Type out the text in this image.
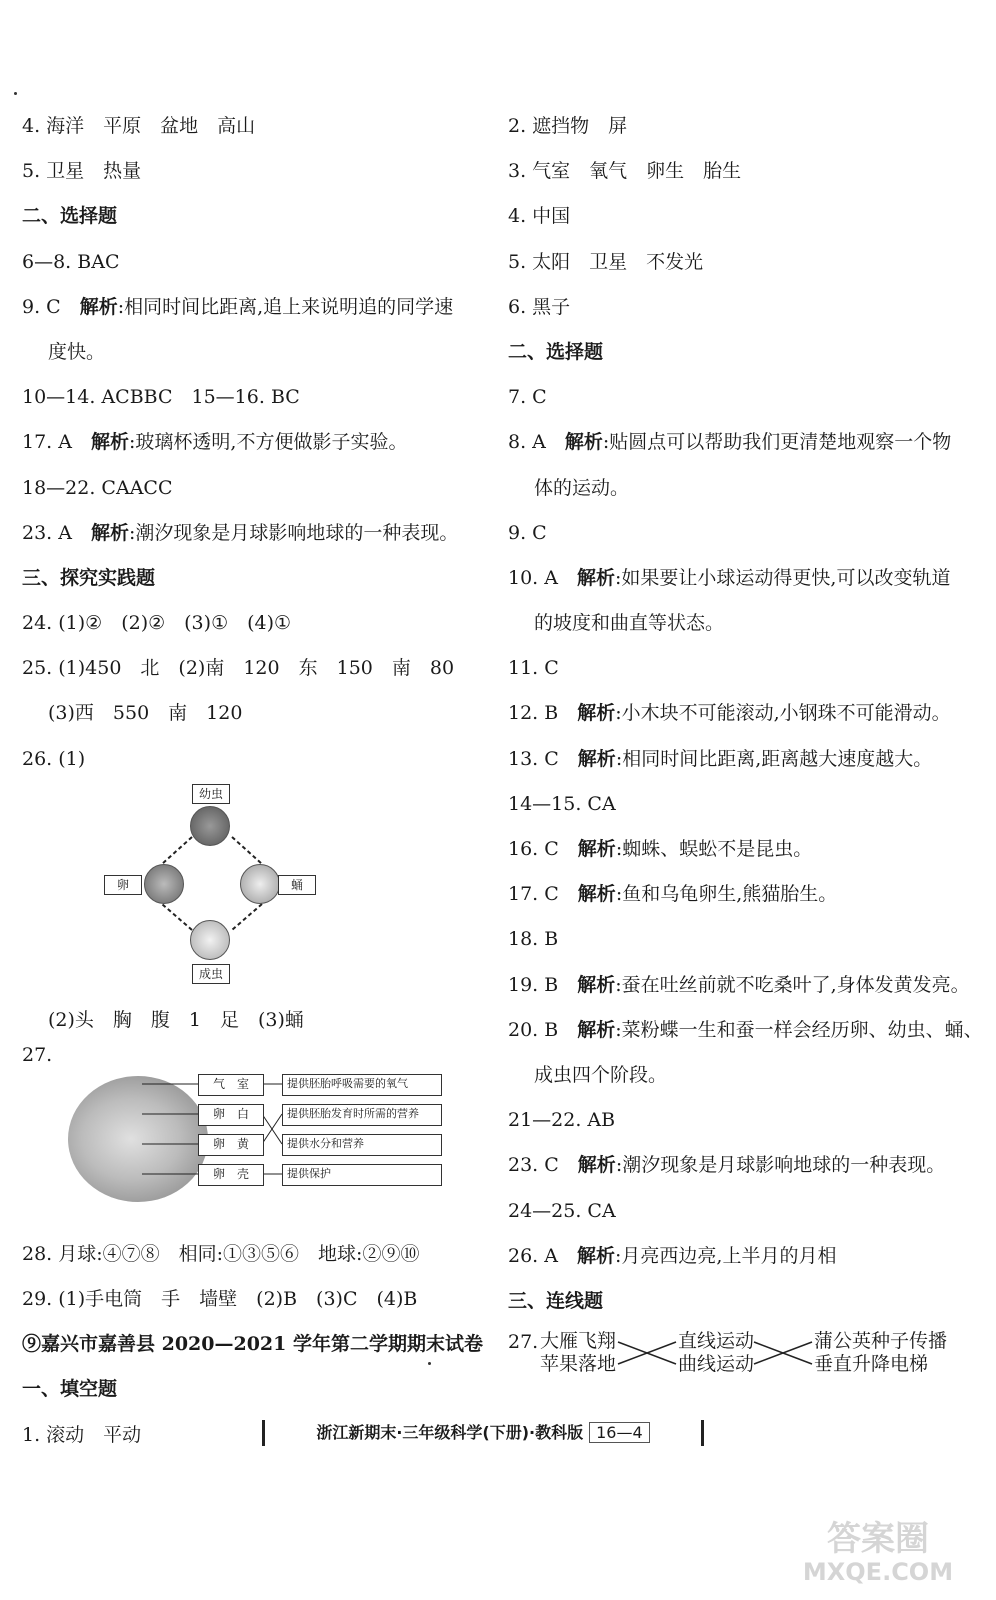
4. 海洋　平原　盆地　高山
5. 卫星　热量
二、选择题
6—8. BAC
9. C　解析:相同时间比距离,追上来说明追的同学速
度快。
10—14. ACBBC　15—16. BC
17. A　解析:玻璃杯透明,不方便做影子实验。
18—22. CAACC
23. A　解析:潮汐现象是月球影响地球的一种表现。
三、探究实践题
24. (1)②　(2)②　(3)①　(4)①
25. (1)450　北　(2)南　120　东　150　南　80
(3)西　550　南　120
26. (1)
幼虫
卵	蛹
成虫
(2)头　胸　腹　1　足　(3)蛹
27.
气　室
卵　白
卵　黄
卵　壳
提供胚胎呼吸需要的氧气
提供胚胎发育时所需的营养
提供水分和营养
提供保护
28. 月球:④⑦⑧　相同:①③⑤⑥　地球:②⑨⑩
29. (1)手电筒　手　墙壁　(2)B　(3)C　(4)B
⑨嘉兴市嘉善县 2020—2021 学年第二学期期末试卷
一、填空题
1. 滚动　平动
2. 遮挡物　屏
3. 气室　氧气　卵生　胎生
4. 中国
5. 太阳　卫星　不发光
6. 黑子
二、选择题
7. C
8. A　解析:贴圆点可以帮助我们更清楚地观察一个物
体的运动。
9. C
10. A　解析:如果要让小球运动得更快,可以改变轨道
的坡度和曲直等状态。
11. C
12. B　解析:小木块不可能滚动,小钢珠不可能滑动。
13. C　解析:相同时间比距离,距离越大速度越大。
14—15. CA
16. C　解析:蜘蛛、蜈蚣不是昆虫。
17. C　解析:鱼和乌龟卵生,熊猫胎生。
18. B
19. B　解析:蚕在吐丝前就不吃桑叶了,身体发黄发亮。
20. B　解析:菜粉蝶一生和蚕一样会经历卵、幼虫、蛹、
成虫四个阶段。
21—22. AB
23. C　解析:潮汐现象是月球影响地球的一种表现。
24—25. CA
26. A　解析:月亮西边亮,上半月的月相
三、连线题
27. 大雁飞翔
苹果落地
直线运动
曲线运动
蒲公英种子传播
垂直升降电梯
浙江新期末·三年级科学(下册)·教科版 16—4
答案圈
MXQE.COM
